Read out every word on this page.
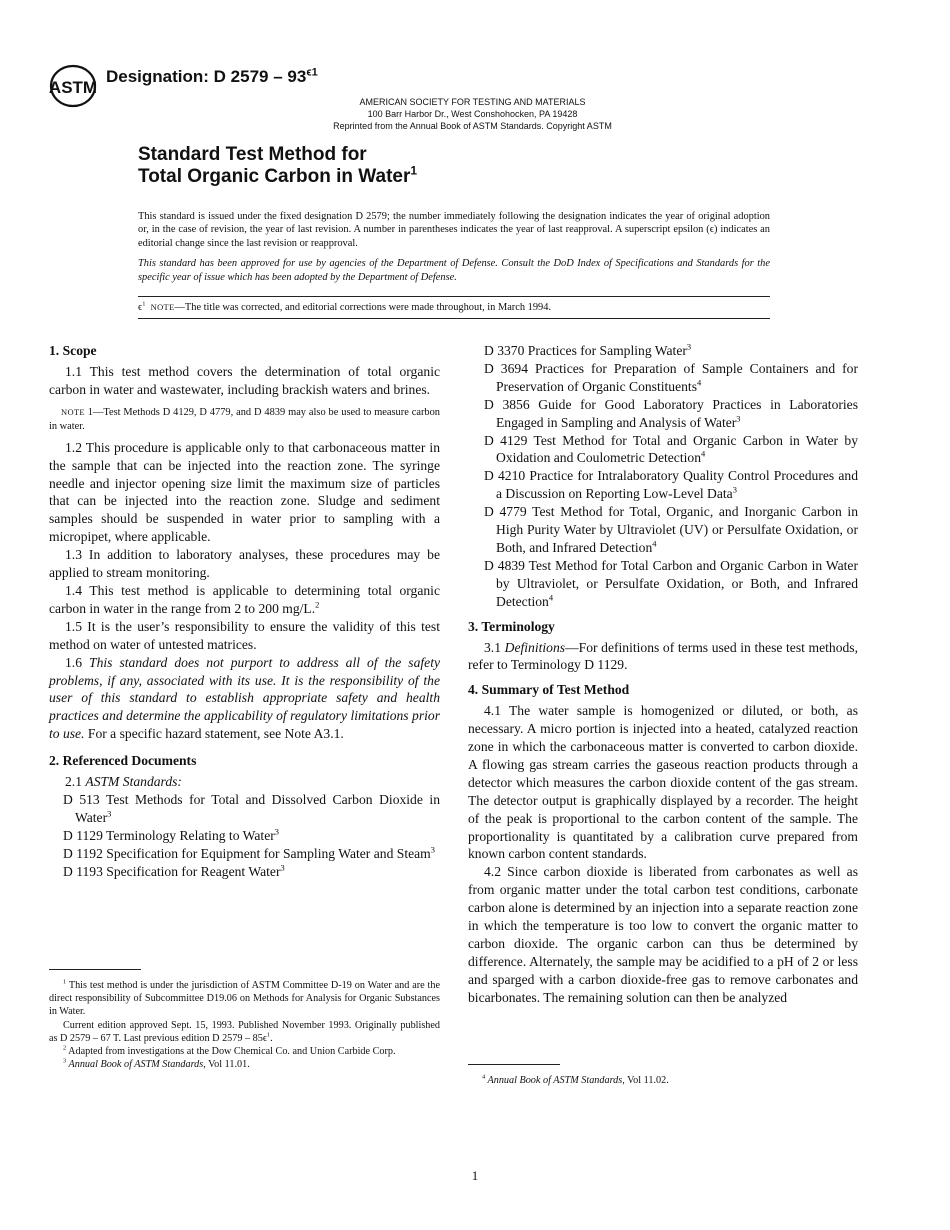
ASTM
Designation: D $2579 - 93^{\epsilon 1}$
AMERICAN SOCIETY FOR TESTING AND MATERIALS
100 Barr Harbor Dr., West Conshohocken, PA 19428
Reprinted from the Annual Book of ASTM Standards. Copyright ASTM
Standard Test Method for
Total Organic Carbon in Water$^1$

This standard is issued under the fixed designation D 2579; the number immediately following the designation indicates the year of original adoption or, in the case of revision, the year of last revision. A number in parentheses indicates the year of last reapproval. A superscript epsilon (ϵ) indicates an editorial change since the last revision or reapproval.

This standard has been approved for use by agencies of the Department of Defense. Consult the DoD Index of Specifications and Standards for the specific year of issue which has been adopted by the Department of Defense.

$\epsilon^1$ NOTE—The title was corrected, and editorial corrections were made throughout, in March 1994.

1. Scope

1.1 This test method covers the determination of total organic carbon in water and wastewater, including brackish waters and brines.

NOTE 1—Test Methods D 4129, D 4779, and D 4839 may also be used to measure carbon in water.

1.2 This procedure is applicable only to that carbonaceous matter in the sample that can be injected into the reaction zone. The syringe needle and injector opening size limit the maximum size of particles that can be injected into the reaction zone. Sludge and sediment samples should be suspended in water prior to sampling with a micropipet, where applicable.

1.3 In addition to laboratory analyses, these procedures may be applied to stream monitoring.

1.4 This test method is applicable to determining total organic carbon in water in the range from 2 to 200 mg/L.$^2$

1.5 It is the user’s responsibility to ensure the validity of this test method on water of untested matrices.

1.6 This standard does not purport to address all of the safety problems, if any, associated with its use. It is the responsibility of the user of this standard to establish appropriate safety and health practices and determine the applicability of regulatory limitations prior to use. For a specific hazard statement, see Note A3.1.

2. Referenced Documents

2.1 ASTM Standards:

D 513 Test Methods for Total and Dissolved Carbon Dioxide in Water$^3$

D 1129 Terminology Relating to Water$^3$

D 1192 Specification for Equipment for Sampling Water and Steam$^3$

D 1193 Specification for Reagent Water$^3$

$^1$ This test method is under the jurisdiction of ASTM Committee D-19 on Water and are the direct responsibility of Subcommittee D19.06 on Methods for Analysis for Organic Substances in Water.

Current edition approved Sept. 15, 1993. Published November 1993. Originally published as D 2579 – 67 T. Last previous edition D $2579 - 85\epsilon^1$.

$^2$ Adapted from investigations at the Dow Chemical Co. and Union Carbide Corp.

$^3$ Annual Book of ASTM Standards, Vol 11.01.

D 3370 Practices for Sampling Water$^3$

D 3694 Practices for Preparation of Sample Containers and for Preservation of Organic Constituents$^4$

D 3856 Guide for Good Laboratory Practices in Laboratories Engaged in Sampling and Analysis of Water$^3$

D 4129 Test Method for Total and Organic Carbon in Water by Oxidation and Coulometric Detection$^4$

D 4210 Practice for Intralaboratory Quality Control Procedures and a Discussion on Reporting Low-Level Data$^3$

D 4779 Test Method for Total, Organic, and Inorganic Carbon in High Purity Water by Ultraviolet (UV) or Persulfate Oxidation, or Both, and Infrared Detection$^4$

D 4839 Test Method for Total Carbon and Organic Carbon in Water by Ultraviolet, or Persulfate Oxidation, or Both, and Infrared Detection$^4$

3. Terminology

3.1 Definitions—For definitions of terms used in these test methods, refer to Terminology D 1129.

4. Summary of Test Method

4.1 The water sample is homogenized or diluted, or both, as necessary. A micro portion is injected into a heated, catalyzed reaction zone in which the carbonaceous matter is converted to carbon dioxide. A flowing gas stream carries the gaseous reaction products through a detector which measures the carbon dioxide content of the gas stream. The detector output is graphically displayed by a recorder. The height of the peak is proportional to the carbon content of the sample. The proportionality is quantitated by a calibration curve prepared from known carbon content standards.

4.2 Since carbon dioxide is liberated from carbonates as well as from organic matter under the total carbon test conditions, carbonate carbon alone is determined by an injection into a separate reaction zone in which the temperature is too low to convert the organic matter to carbon dioxide. The organic carbon can thus be determined by difference. Alternately, the sample may be acidified to a pH of 2 or less and sparged with a carbon dioxide-free gas to remove carbonates and bicarbonates. The remaining solution can then be analyzed

$^4$ Annual Book of ASTM Standards, Vol 11.02.

1
